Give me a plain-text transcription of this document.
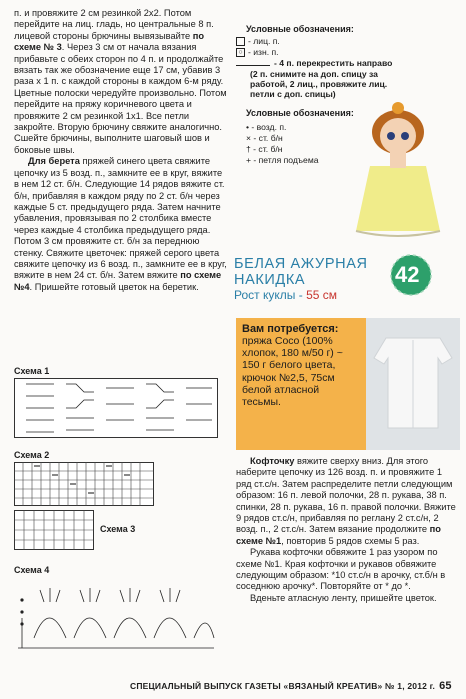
п. и провяжите 2 см резинкой 2х2. Потом перейдите на лиц. гладь, но центральные 8 п. лицевой стороны брючины вывязывайте по схеме № 3. Через 3 см от начала вязания прибавьте с обеих сторон по 4 п. и продолжайте вязать так же обозначение еще 17 см, убавив 3 раза х 1 п. с каждой стороны в каждом 6-м ряду. Цветные полоски чередуйте произвольно. Потом перейдите на пряжу коричневого цвета и провяжите 2 см резинкой 1х1. Все петли закройте. Вторую брючину свяжите аналогично. Сшейте брючины, выполните шаговый шов и боковые швы.

Для берета пряжей синего цвета свяжите цепочку из 5 возд. п., замкните ее в круг, вяжите в нем 12 ст. б/н. Следующие 14 рядов вяжите ст. б/н, прибавляя в каждом ряду по 2 ст. б/н через каждые 5 ст. предыдущего ряда. Затем начните убавления, провязывая по 2 столбика вместе через каждые 4 столбика предыдущего ряда. Потом 3 см провяжите ст. б/н за переднюю стенку. Свяжите цветочек: пряжей серого цвета свяжите цепочку из 6 возд. п., замкните ее в круг, вяжите в нем 24 ст. б/н. Затем вяжите по схеме №4. Пришейте готовый цветок на беретик.

Схема 1
Схема 2
Схема 3
Схема 4
Условные обозначения:
- лиц. п.
○ - изн. п.
- 4 п. перекрестить направо
(2 п. снимите на доп. спицу за работой, 2 лиц., провяжите лиц. петли с доп. спицы)
Условные обозначения:
• - возд. п.
× - ст. б/н
† - ст. б/н
+ - петля подъема
БЕЛАЯ АЖУРНАЯ
НАКИДКА
Рост куклы - 55 см
42
Вам потребуется:
пряжа Coco (100% хлопок, 180 м/50 г) ~ 150 г белого цвета, крючок №2,5, 75см белой атласной тесьмы.

Кофточку вяжите сверху вниз. Для этого наберите цепочку из 126 возд. п. и провяжите 1 ряд ст.с/н. Затем распределите петли следующим образом: 16 п. левой полочки, 28 п. рукава, 38 п. спинки, 28 п. рукава, 16 п. правой полочки. Вяжите 9 рядов ст.с/н, прибавляя по реглану 2 ст.с/н, 2 возд. п., 2 ст.с/н. Затем вязание продолжите по схеме №1, повторив 5 рядов схемы 5 раз.

Рукава кофточки обвяжите 1 раз узором по схеме №1. Края кофточки и рукавов обвяжите следующим образом: *10 ст.с/н в арочку, ст.б/н в соседнюю арочку*. Повторяйте от * до *.

Вденьте атласную ленту, пришейте цветок.

СПЕЦИАЛЬНЫЙ ВЫПУСК ГАЗЕТЫ «ВЯЗАНЫЙ КРЕАТИВ» № 1, 2012 г. 65
